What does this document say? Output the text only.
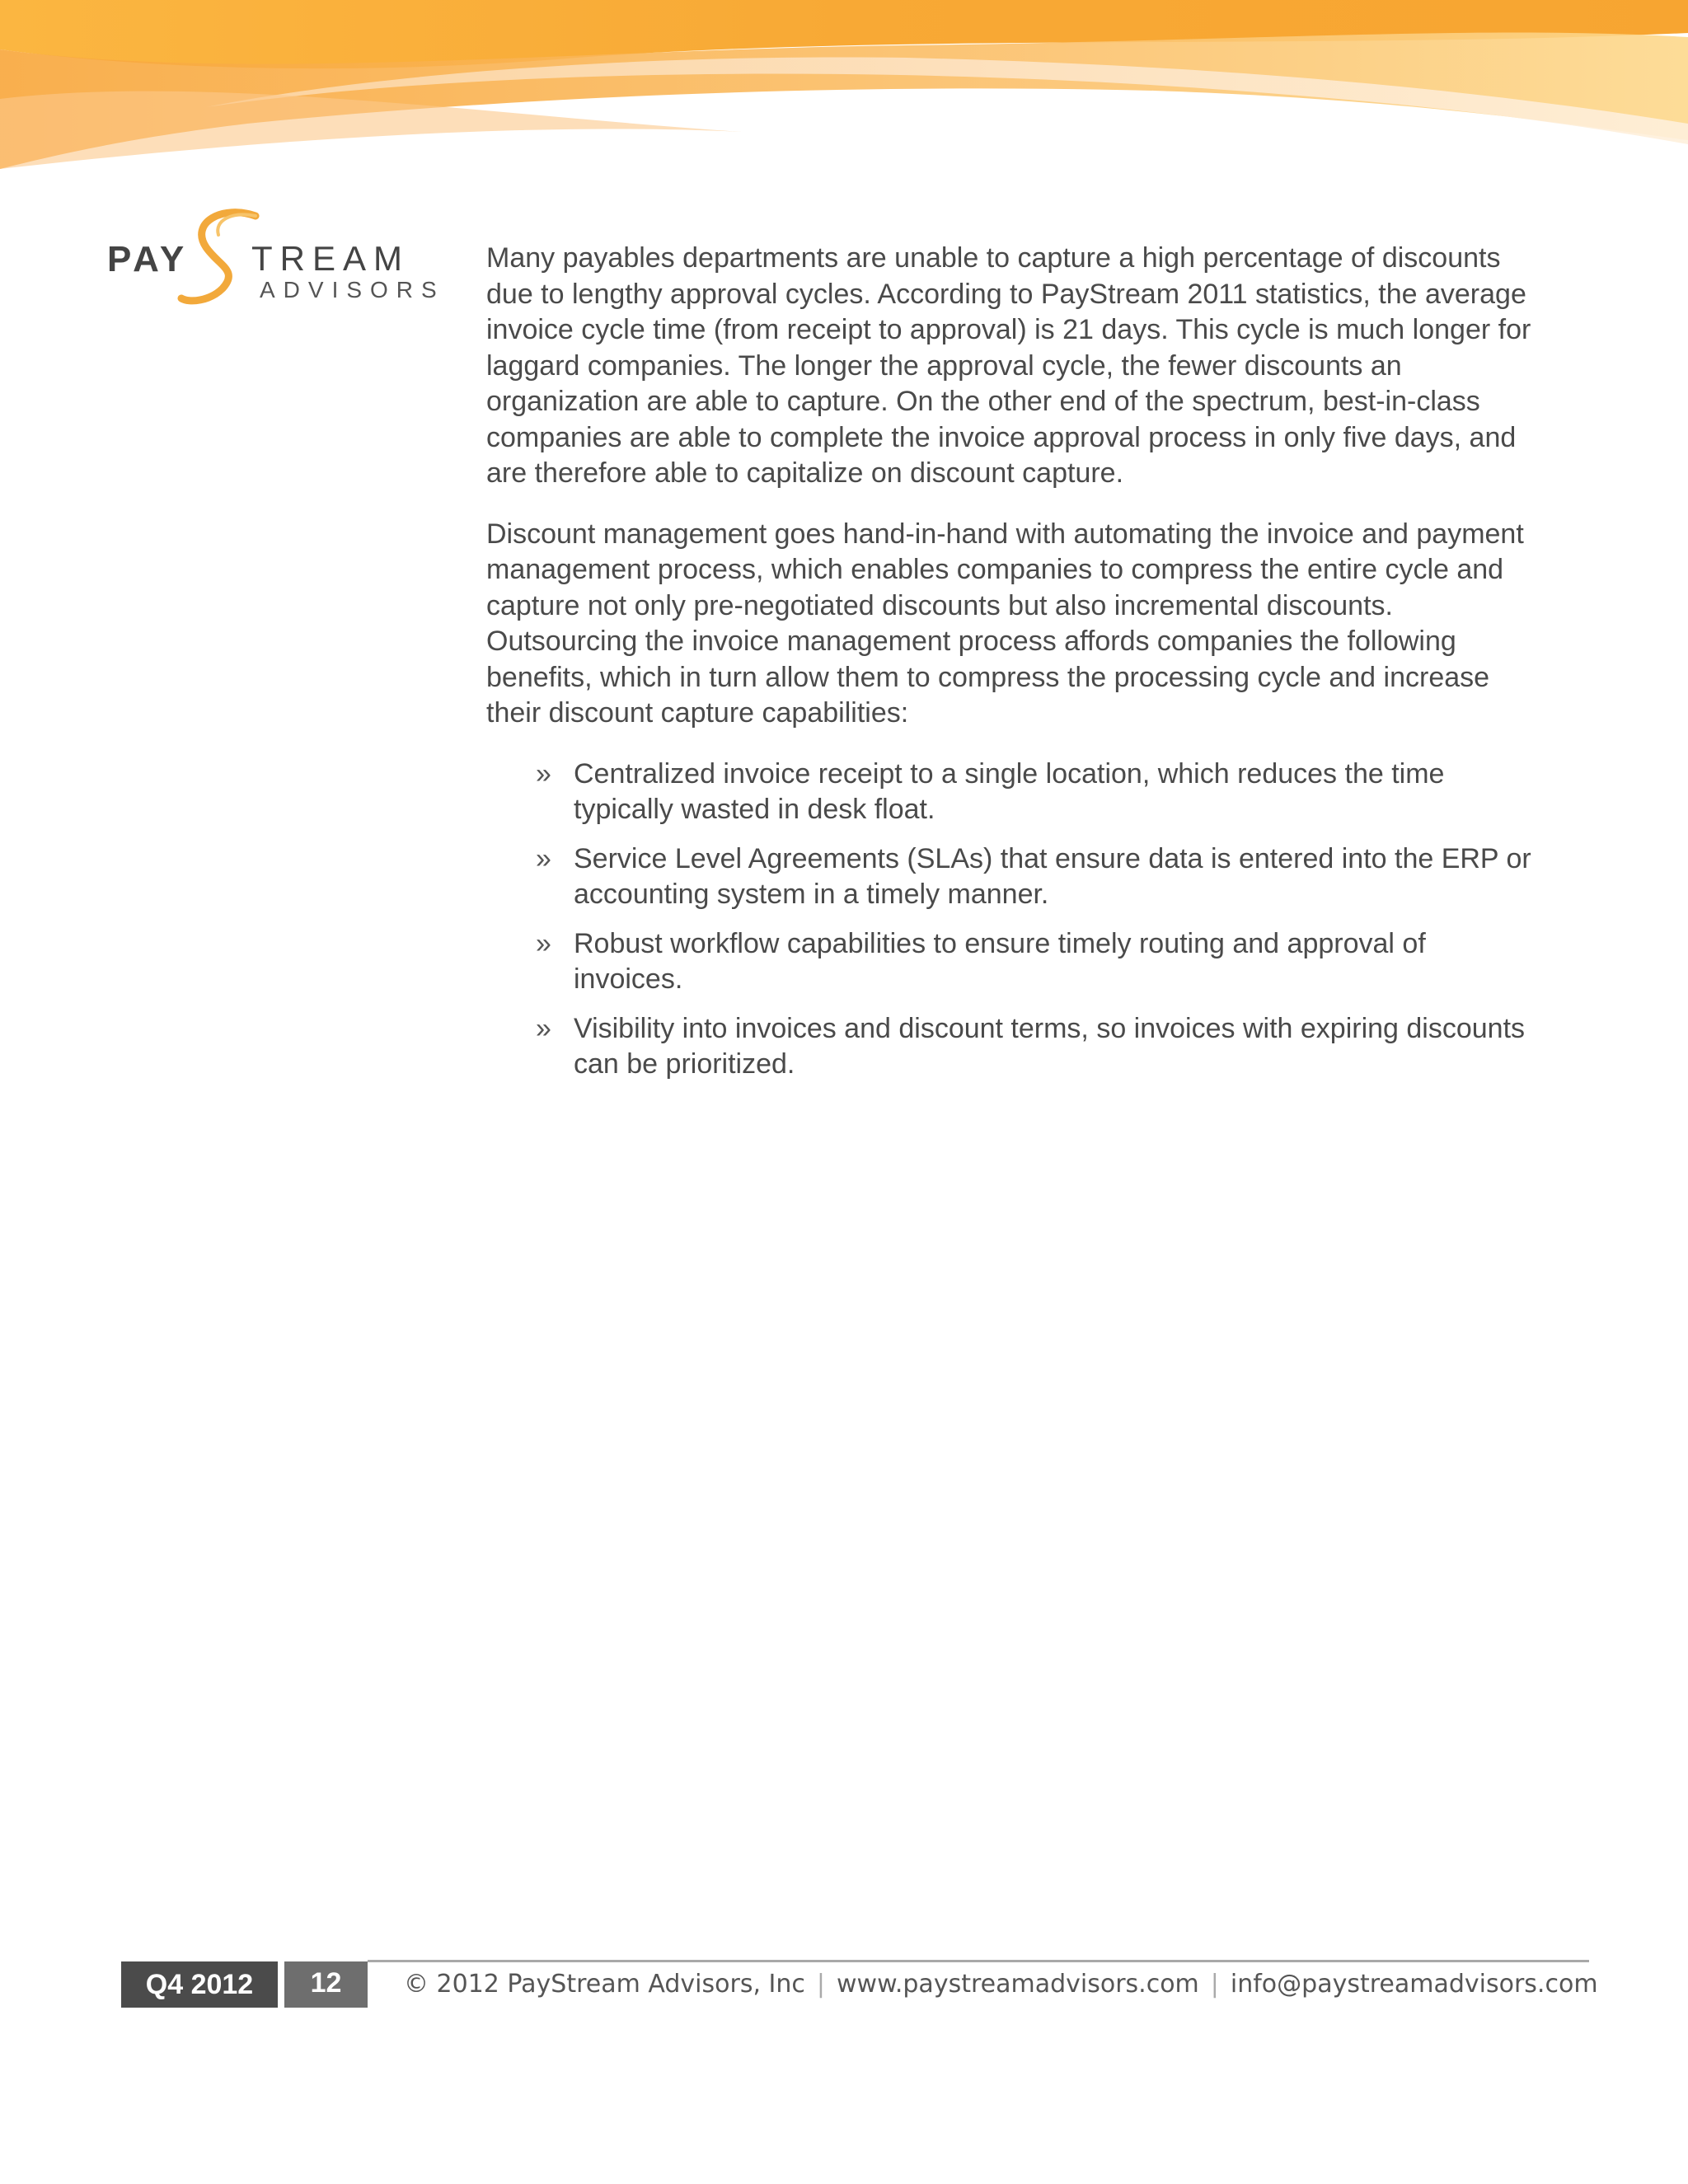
PAY TREAM
ADVISORS

Many payables departments are unable to capture a high percentage of discounts due to lengthy approval cycles. According to PayStream 2011 statistics, the average invoice cycle time (from receipt to approval) is 21 days. This cycle is much longer for laggard companies. The longer the approval cycle, the fewer discounts an organization are able to capture. On the other end of the spectrum, best-in-class companies are able to complete the invoice approval process in only five days, and are therefore able to capitalize on discount capture.

Discount management goes hand-in-hand with automating the invoice and payment management process, which enables companies to compress the entire cycle and capture not only pre-negotiated discounts but also incremental discounts. Outsourcing the invoice management process affords companies the following benefits, which in turn allow them to compress the processing cycle and increase their discount capture capabilities:

» Centralized invoice receipt to a single location, which reduces the time typically wasted in desk float.
» Service Level Agreements (SLAs) that ensure data is entered into the ERP or accounting system in a timely manner.
» Robust workflow capabilities to ensure timely routing and approval of invoices.
» Visibility into invoices and discount terms, so invoices with expiring discounts can be prioritized.
Q4 2012	12	© 2012 PayStream Advisors, Inc | www.paystreamadvisors.com | info@paystreamadvisors.com
